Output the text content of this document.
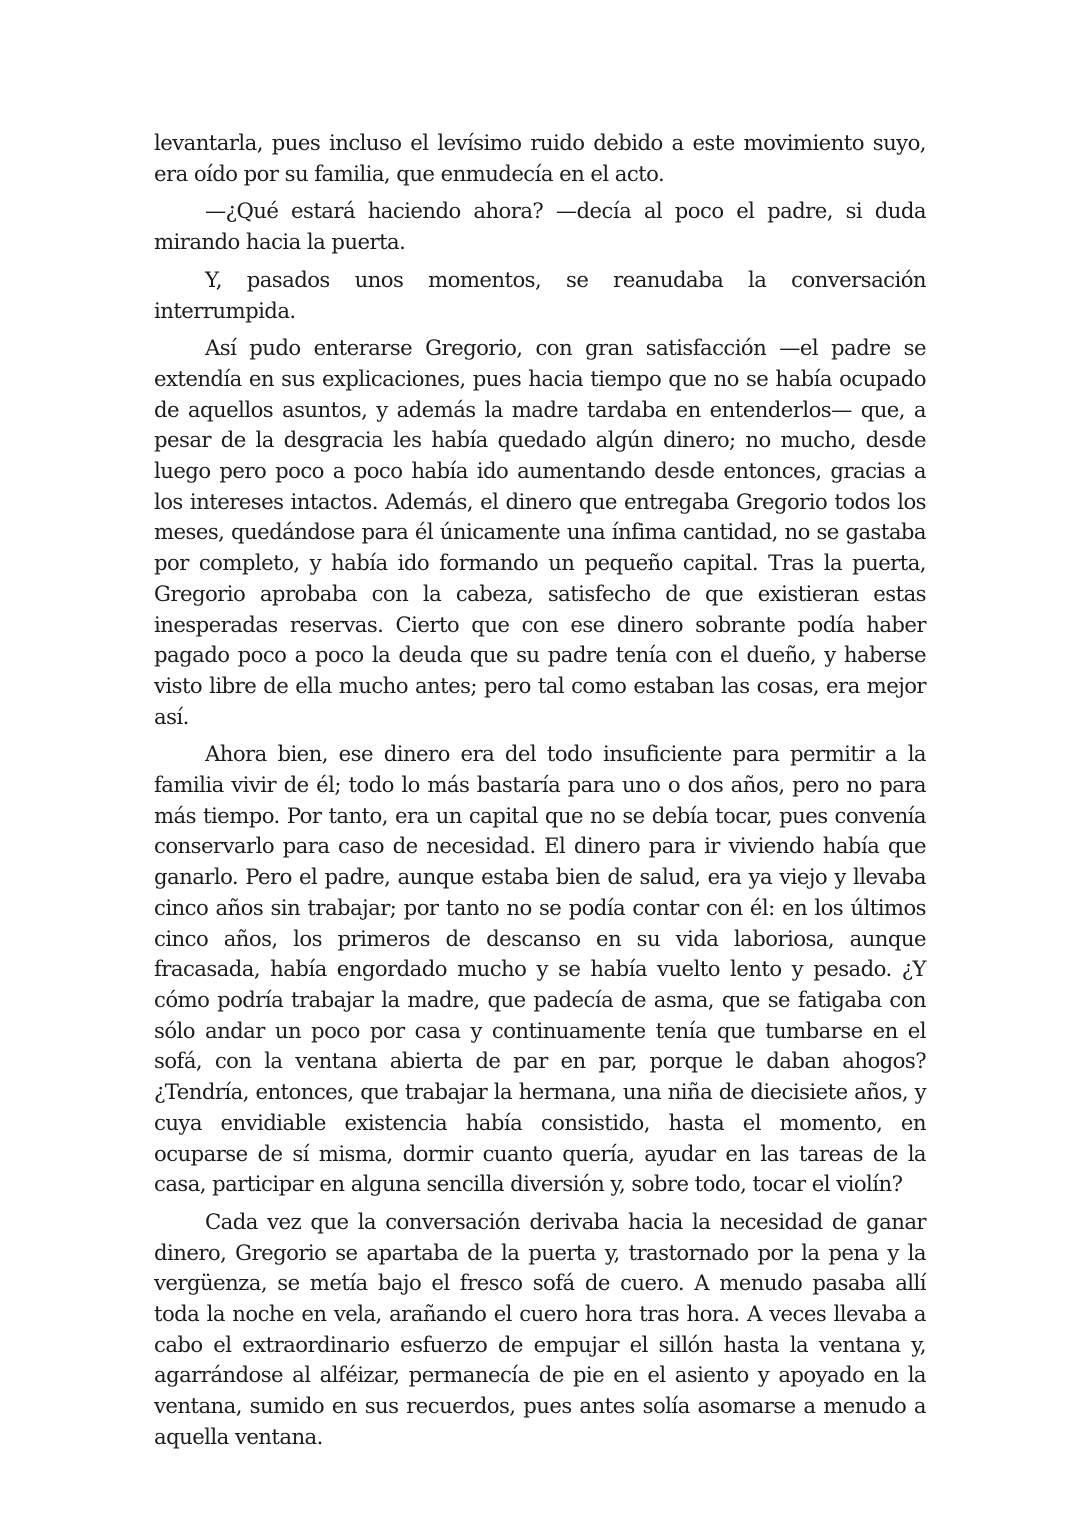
levantarla, pues incluso el levísimo ruido debido a este movimiento suyo, era oído por su familia, que enmudecía en el acto.

—¿Qué estará haciendo ahora? —decía al poco el padre, si duda mirando hacia la puerta.

Y, pasados unos momentos, se reanudaba la conversación interrumpida.

Así pudo enterarse Gregorio, con gran satisfacción —el padre se extendía en sus explicaciones, pues hacia tiempo que no se había ocupado de aquellos asuntos, y además la madre tardaba en entenderlos— que, a pesar de la desgracia les había quedado algún dinero; no mucho, desde luego pero poco a poco había ido aumentando desde entonces, gracias a los intereses intactos. Además, el dinero que entregaba Gregorio todos los meses, quedándose para él únicamente una ínfima cantidad, no se gastaba por completo, y había ido formando un pequeño capital. Tras la puerta, Gregorio aprobaba con la cabeza, satisfecho de que existieran estas inesperadas reservas. Cierto que con ese dinero sobrante podía haber pagado poco a poco la deuda que su padre tenía con el dueño, y haberse visto libre de ella mucho antes; pero tal como estaban las cosas, era mejor así.

Ahora bien, ese dinero era del todo insuficiente para permitir a la familia vivir de él; todo lo más bastaría para uno o dos años, pero no para más tiempo. Por tanto, era un capital que no se debía tocar, pues convenía conservarlo para caso de necesidad. El dinero para ir viviendo había que ganarlo. Pero el padre, aunque estaba bien de salud, era ya viejo y llevaba cinco años sin trabajar; por tanto no se podía contar con él: en los últimos cinco años, los primeros de descanso en su vida laboriosa, aunque fracasada, había engordado mucho y se había vuelto lento y pesado. ¿Y cómo podría trabajar la madre, que padecía de asma, que se fatigaba con sólo andar un poco por casa y continuamente tenía que tumbarse en el sofá, con la ventana abierta de par en par, porque le daban ahogos? ¿Tendría, entonces, que trabajar la hermana, una niña de diecisiete años, y cuya envidiable existencia había consistido, hasta el momento, en ocuparse de sí misma, dormir cuanto quería, ayudar en las tareas de la casa, participar en alguna sencilla diversión y, sobre todo, tocar el violín?

Cada vez que la conversación derivaba hacia la necesidad de ganar dinero, Gregorio se apartaba de la puerta y, trastornado por la pena y la vergüenza, se metía bajo el fresco sofá de cuero. A menudo pasaba allí toda la noche en vela, arañando el cuero hora tras hora. A veces llevaba a cabo el extraordinario esfuerzo de empujar el sillón hasta la ventana y, agarrándose al alféizar, permanecía de pie en el asiento y apoyado en la ventana, sumido en sus recuerdos, pues antes solía asomarse a menudo a aquella ventana.
